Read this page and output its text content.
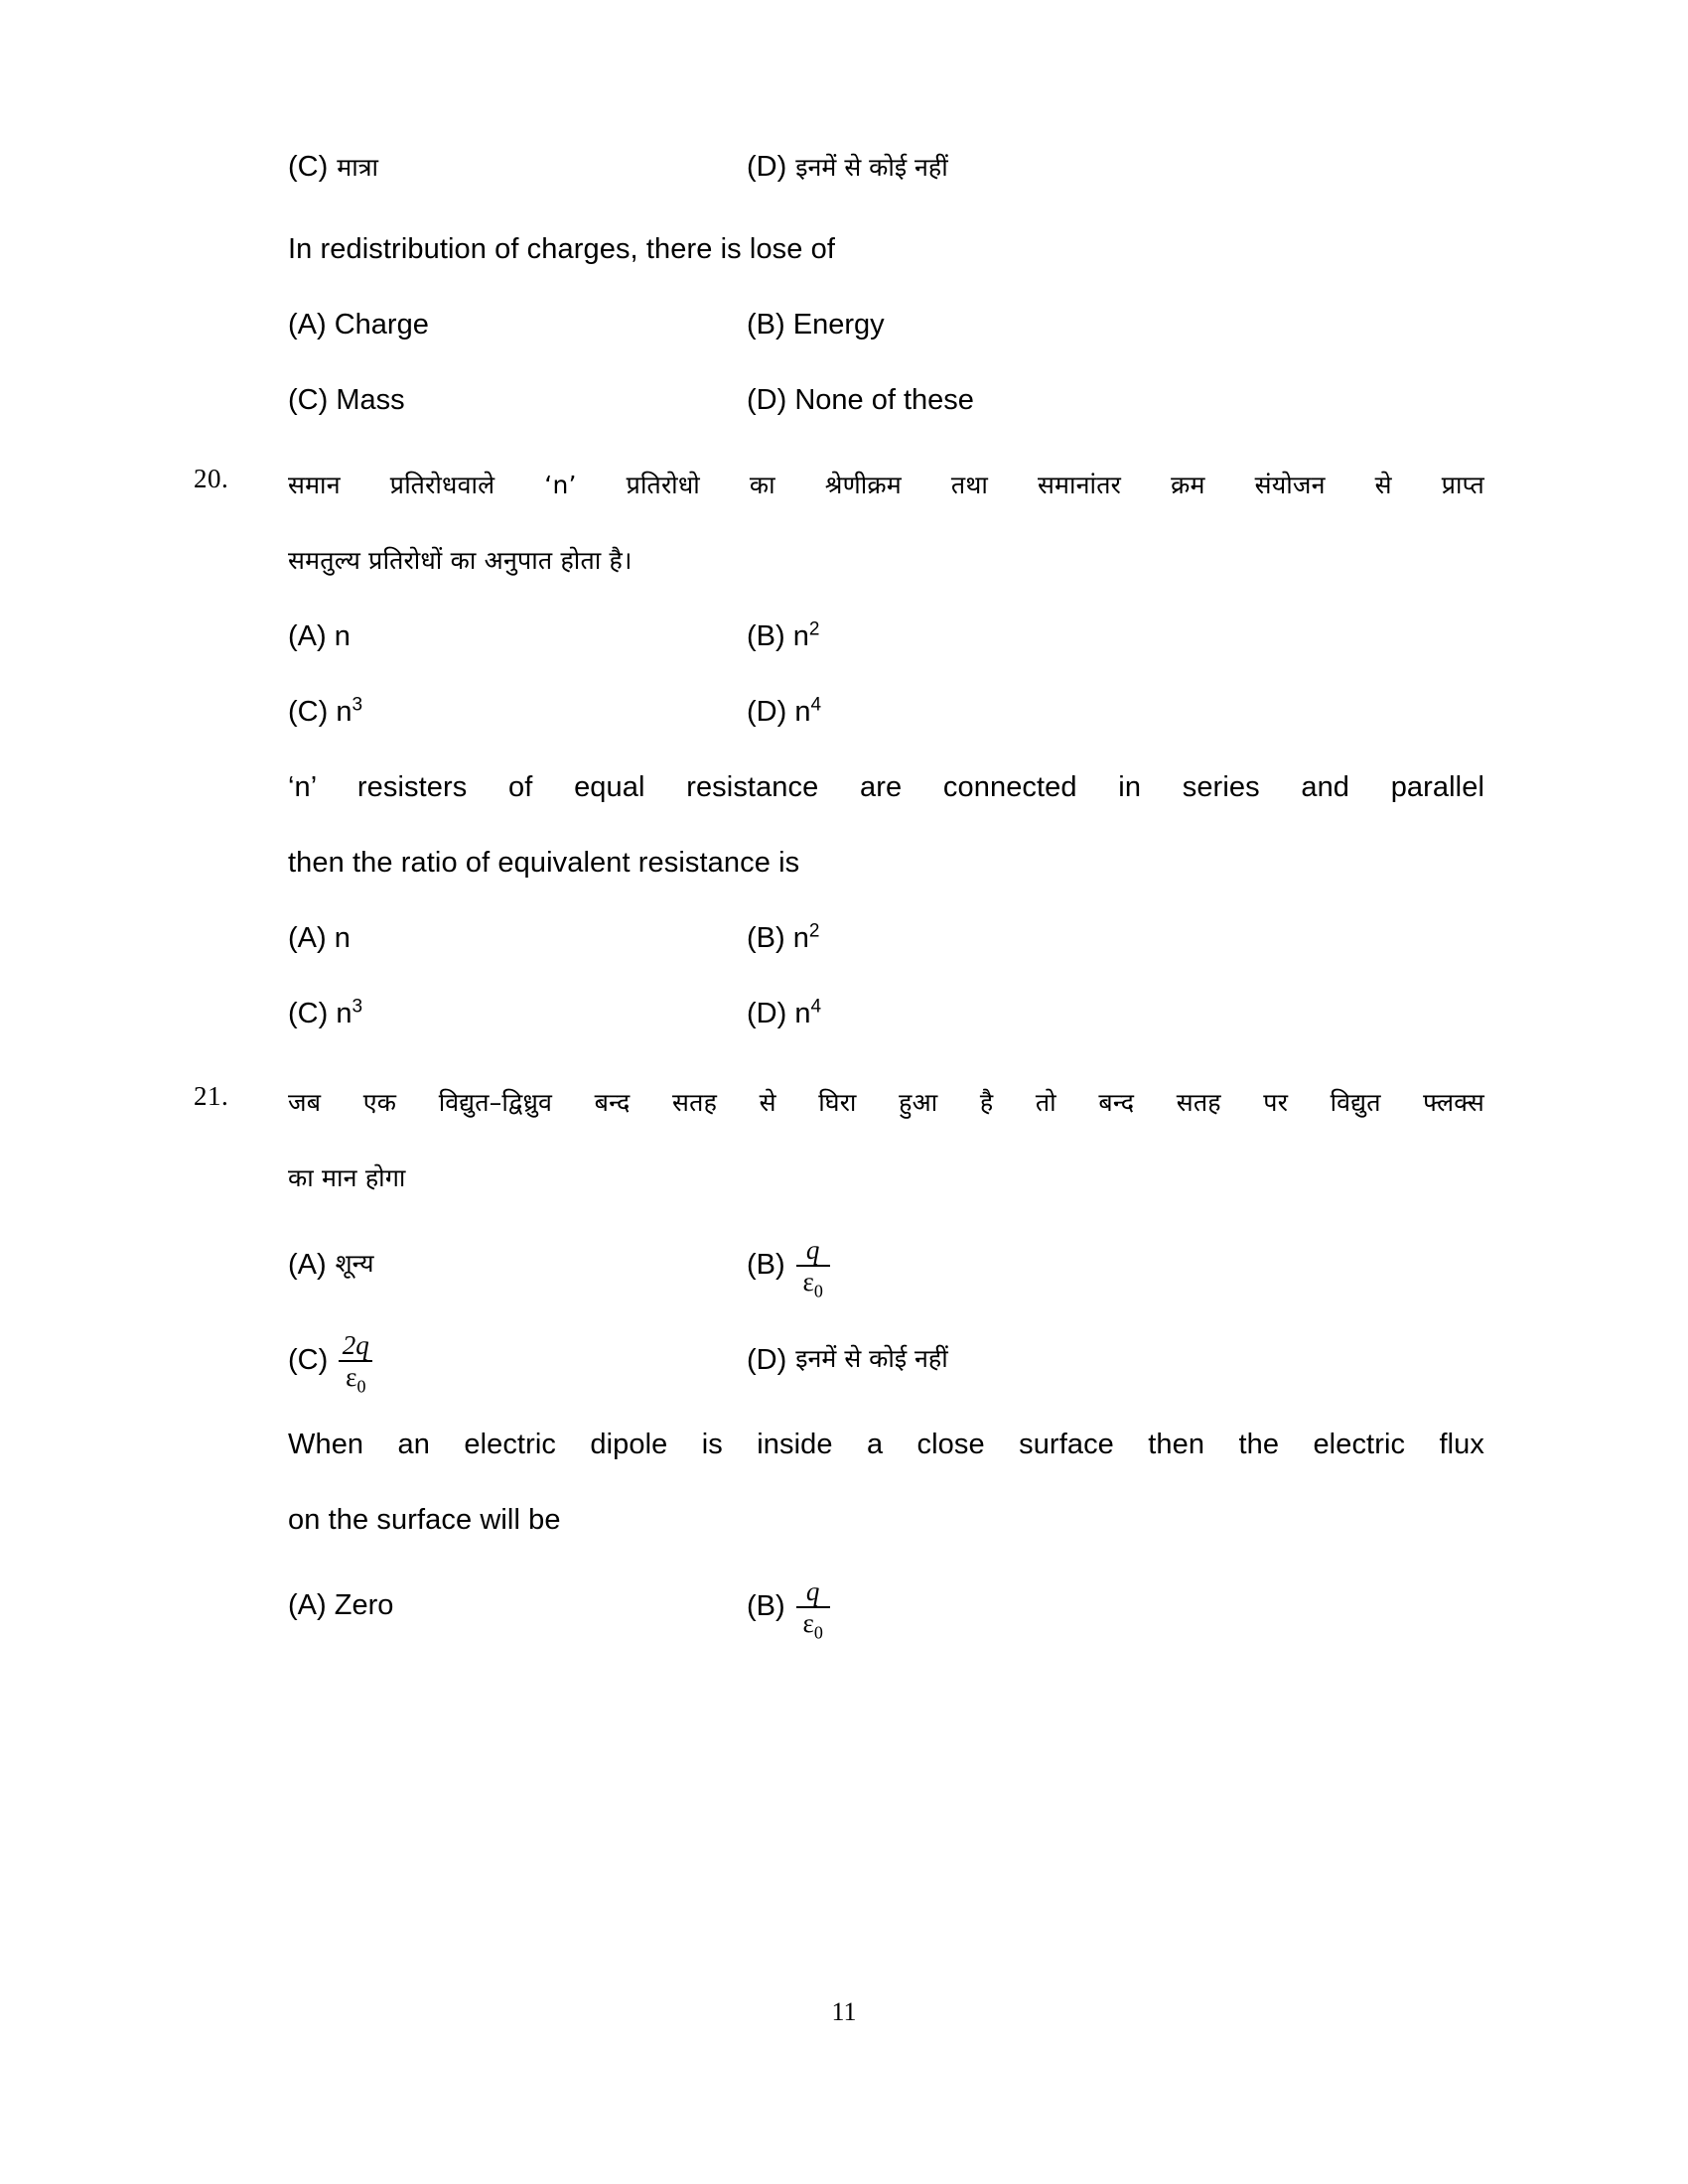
(C) मात्रा	(D) इनमें से कोई नहीं
In redistribution of charges, there is lose of
(A) Charge	(B) Energy
(C) Mass	(D) None of these
20.	समान प्रतिरोधवाले ‘n’ प्रतिरोधो का श्रेणीक्रम तथा समानांतर क्रम संयोजन से प्राप्त
समतुल्य प्रतिरोधों का अनुपात होता है।
(A) n	(B) $n^2$
(C) $n^3$	(D) $n^4$
‘n’ resisters of equal resistance are connected in series and parallel
then the ratio of equivalent resistance is
(A) n	(B) $n^2$
(C) $n^3$	(D) $n^4$
21.	जब एक विद्युत–द्विध्रुव बन्द सतह से घिरा हुआ है तो बन्द सतह पर विद्युत फ्लक्स
का मान होगा
(A) शून्य	$(B) \frac{q}{\varepsilon_0}$
$(C) \frac{2q}{\varepsilon_0}$	(D) इनमें से कोई नहीं
When an electric dipole is inside a close surface then the electric flux
on the surface will be
(A) Zero	$(B) \frac{q}{\varepsilon_0}$
11
